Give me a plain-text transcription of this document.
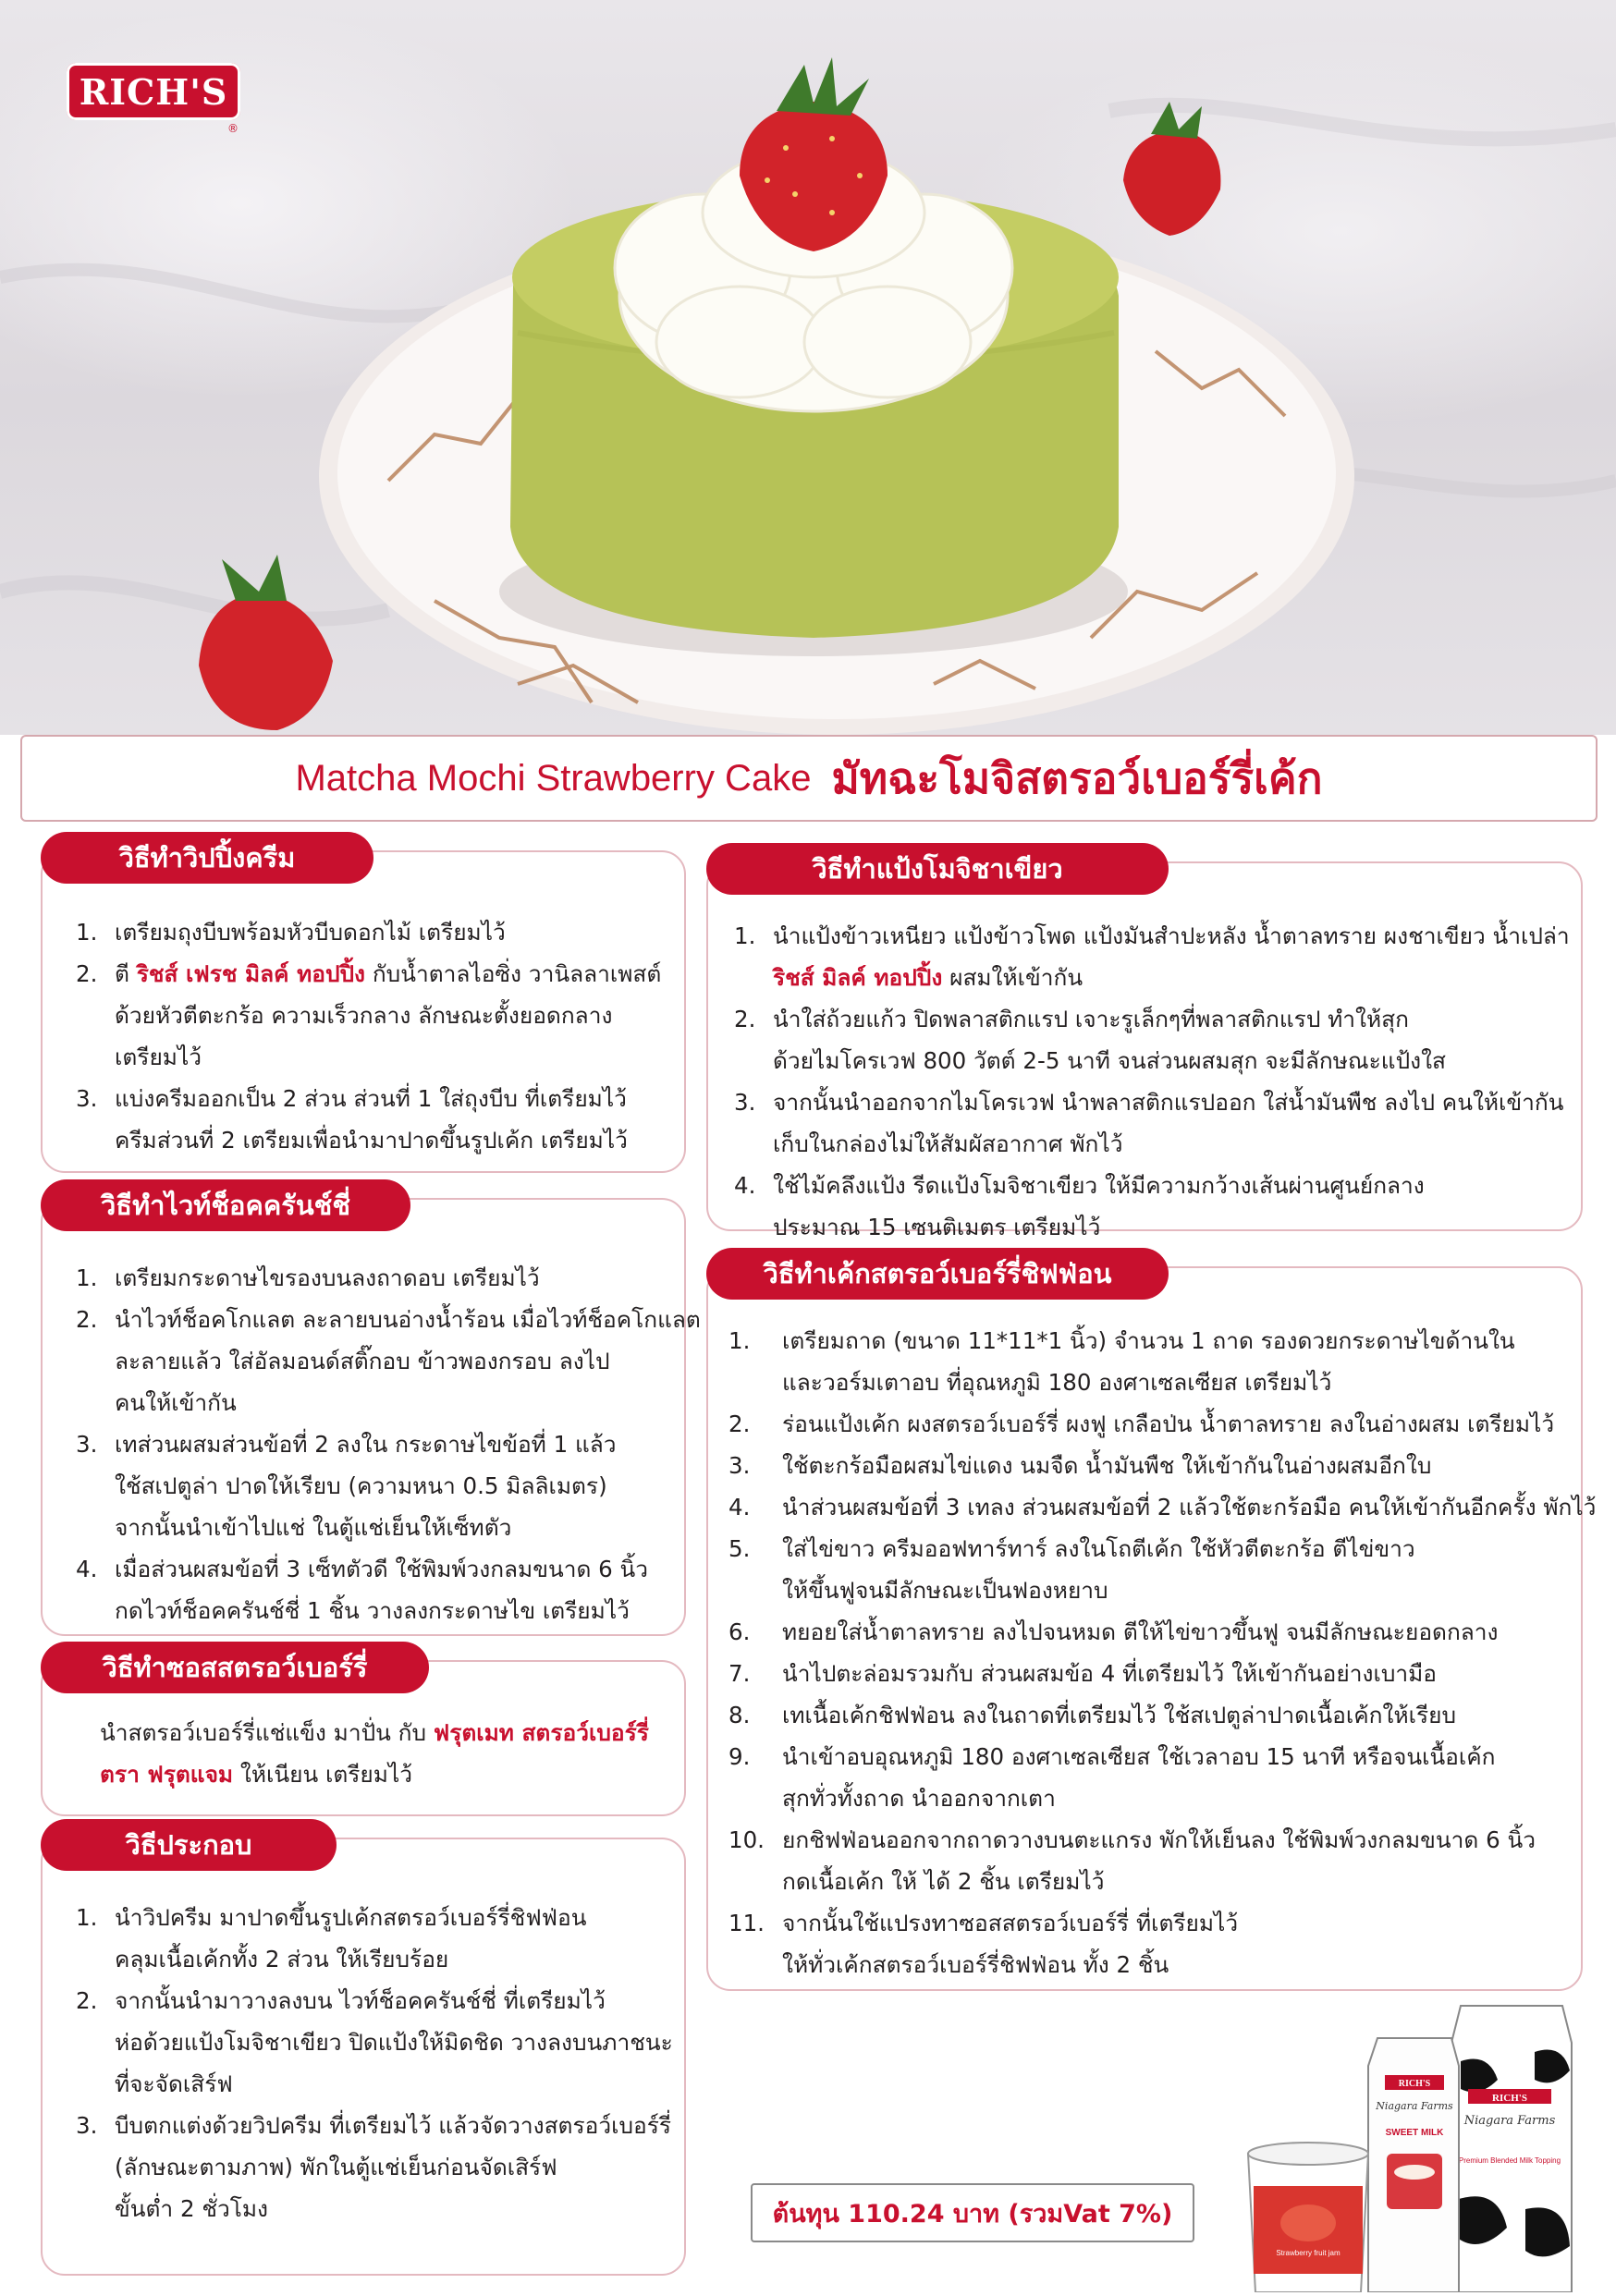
RICH'S
®
Matcha Mochi Strawberry Cake มัทฉะโมจิสตรอว์เบอร์รี่เค้ก
วิธีทำวิปปิ้งครีม
1. เตรียมถุงบีบพร้อมหัวบีบดอกไม้ เตรียมไว้
2. ตี ริชส์ เฟรช มิลค์ ทอปปิ้ง กับน้ำตาลไอซิ่ง วานิลลาเพสต์
ด้วยหัวตีตะกร้อ ความเร็วกลาง ลักษณะตั้งยอดกลาง
เตรียมไว้
3. แบ่งครีมออกเป็น 2 ส่วน ส่วนที่ 1 ใส่ถุงบีบ ที่เตรียมไว้
ครีมส่วนที่ 2 เตรียมเพื่อนำมาปาดขึ้นรูปเค้ก เตรียมไว้
วิธีทำไวท์ช็อคครันช์ชี่
1. เตรียมกระดาษไขรองบนลงถาดอบ เตรียมไว้
2. นำไวท์ช็อคโกแลต ละลายบนอ่างน้ำร้อน เมื่อไวท์ช็อคโกแลต
ละลายแล้ว ใส่อัลมอนด์สติ๊กอบ ข้าวพองกรอบ ลงไป
คนให้เข้ากัน
3. เทส่วนผสมส่วนข้อที่ 2 ลงใน กระดาษไขข้อที่ 1 แล้ว
ใช้สเปตูล่า ปาดให้เรียบ (ความหนา 0.5 มิลลิเมตร)
จากนั้นนำเข้าไปแช่ ในตู้แช่เย็นให้เซ็ทตัว
4. เมื่อส่วนผสมข้อที่ 3 เซ็ทตัวดี ใช้พิมพ์วงกลมขนาด 6 นิ้ว
กดไวท์ช็อคครันช์ชี่ 1 ชิ้น วางลงกระดาษไข เตรียมไว้
วิธีทำซอสสตรอว์เบอร์รี่
นำสตรอว์เบอร์รี่แช่แข็ง มาปั่น กับ ฟรุตเมท สตรอว์เบอร์รี่
ตรา ฟรุตแจม ให้เนียน เตรียมไว้
วิธีประกอบ
1. นำวิปครีม มาปาดขึ้นรูปเค้กสตรอว์เบอร์รี่ชิฟฟ่อน
คลุมเนื้อเค้กทั้ง 2 ส่วน ให้เรียบร้อย
2. จากนั้นนำมาวางลงบน ไวท์ช็อคครันช์ชี่ ที่เตรียมไว้
ห่อด้วยแป้งโมจิชาเขียว ปิดแป้งให้มิดชิด วางลงบนภาชนะ
ที่จะจัดเสิร์ฟ
3. บีบตกแต่งด้วยวิปครีม ที่เตรียมไว้ แล้วจัดวางสตรอว์เบอร์รี่
(ลักษณะตามภาพ) พักในตู้แช่เย็นก่อนจัดเสิร์ฟ
ขั้นต่ำ 2 ชั่วโมง
วิธีทำแป้งโมจิชาเขียว
1. นำแป้งข้าวเหนียว แป้งข้าวโพด แป้งมันสำปะหลัง น้ำตาลทราย ผงชาเขียว น้ำเปล่า
ริชส์ มิลค์ ทอปปิ้ง ผสมให้เข้ากัน
2. นำใส่ถ้วยแก้ว ปิดพลาสติกแรป เจาะรูเล็กๆที่พลาสติกแรป ทำให้สุก
ด้วยไมโครเวฟ 800 วัตต์ 2-5 นาที จนส่วนผสมสุก จะมีลักษณะแป้งใส
3. จากนั้นนำออกจากไมโครเวฟ นำพลาสติกแรปออก ใส่น้ำมันพืช ลงไป คนให้เข้ากัน
เก็บในกล่องไม่ให้สัมผัสอากาศ พักไว้
4. ใช้ไม้คลึงแป้ง รีดแป้งโมจิชาเขียว ให้มีความกว้างเส้นผ่านศูนย์กลาง
ประมาณ 15 เซนติเมตร เตรียมไว้
วิธีทำเค้กสตรอว์เบอร์รี่ชิฟฟ่อน
1. เตรียมถาด (ขนาด 11*11*1 นิ้ว) จำนวน 1 ถาด รองดวยกระดาษไขด้านใน
และวอร์มเตาอบ ที่อุณหภูมิ 180 องศาเซลเซียส เตรียมไว้
2. ร่อนแป้งเค้ก ผงสตรอว์เบอร์รี่ ผงฟู เกลือป่น น้ำตาลทราย ลงในอ่างผสม เตรียมไว้
3. ใช้ตะกร้อมือผสมไข่แดง นมจืด น้ำมันพืช ให้เข้ากันในอ่างผสมอีกใบ
4. นำส่วนผสมข้อที่ 3 เทลง ส่วนผสมข้อที่ 2 แล้วใช้ตะกร้อมือ คนให้เข้ากันอีกครั้ง พักไว้
5. ใส่ไข่ขาว ครีมออฟทาร์ทาร์ ลงในโถตีเค้ก ใช้หัวตีตะกร้อ ตีไข่ขาว
ให้ขึ้นฟูจนมีลักษณะเป็นฟองหยาบ
6. ทยอยใส่น้ำตาลทราย ลงไปจนหมด ตีให้ไข่ขาวขึ้นฟู จนมีลักษณะยอดกลาง
7. นำไปตะล่อมรวมกับ ส่วนผสมข้อ 4 ที่เตรียมไว้ ให้เข้ากันอย่างเบามือ
8. เทเนื้อเค้กชิฟฟ่อน ลงในถาดที่เตรียมไว้ ใช้สเปตูล่าปาดเนื้อเค้กให้เรียบ
9. นำเข้าอบอุณหภูมิ 180 องศาเซลเซียส ใช้เวลาอบ 15 นาที หรือจนเนื้อเค้ก
สุกทั่วทั้งถาด นำออกจากเตา
10. ยกชิฟฟ่อนออกจากถาดวางบนตะแกรง พักให้เย็นลง ใช้พิมพ์วงกลมขนาด 6 นิ้ว
กดเนื้อเค้ก ให้ ได้ 2 ชิ้น เตรียมไว้
11. จากนั้นใช้แปรงทาซอสสตรอว์เบอร์รี่ ที่เตรียมไว้
ให้ทั่วเค้กสตรอว์เบอร์รี่ชิฟฟ่อน ทั้ง 2 ชิ้น
ต้นทุน 110.24 บาท (รวมVat 7%)
RICH'S
Niagara Farms
Premium Blended Milk Topping
RICH'S
Niagara Farms
SWEET MILK
Strawberry fruit jam
